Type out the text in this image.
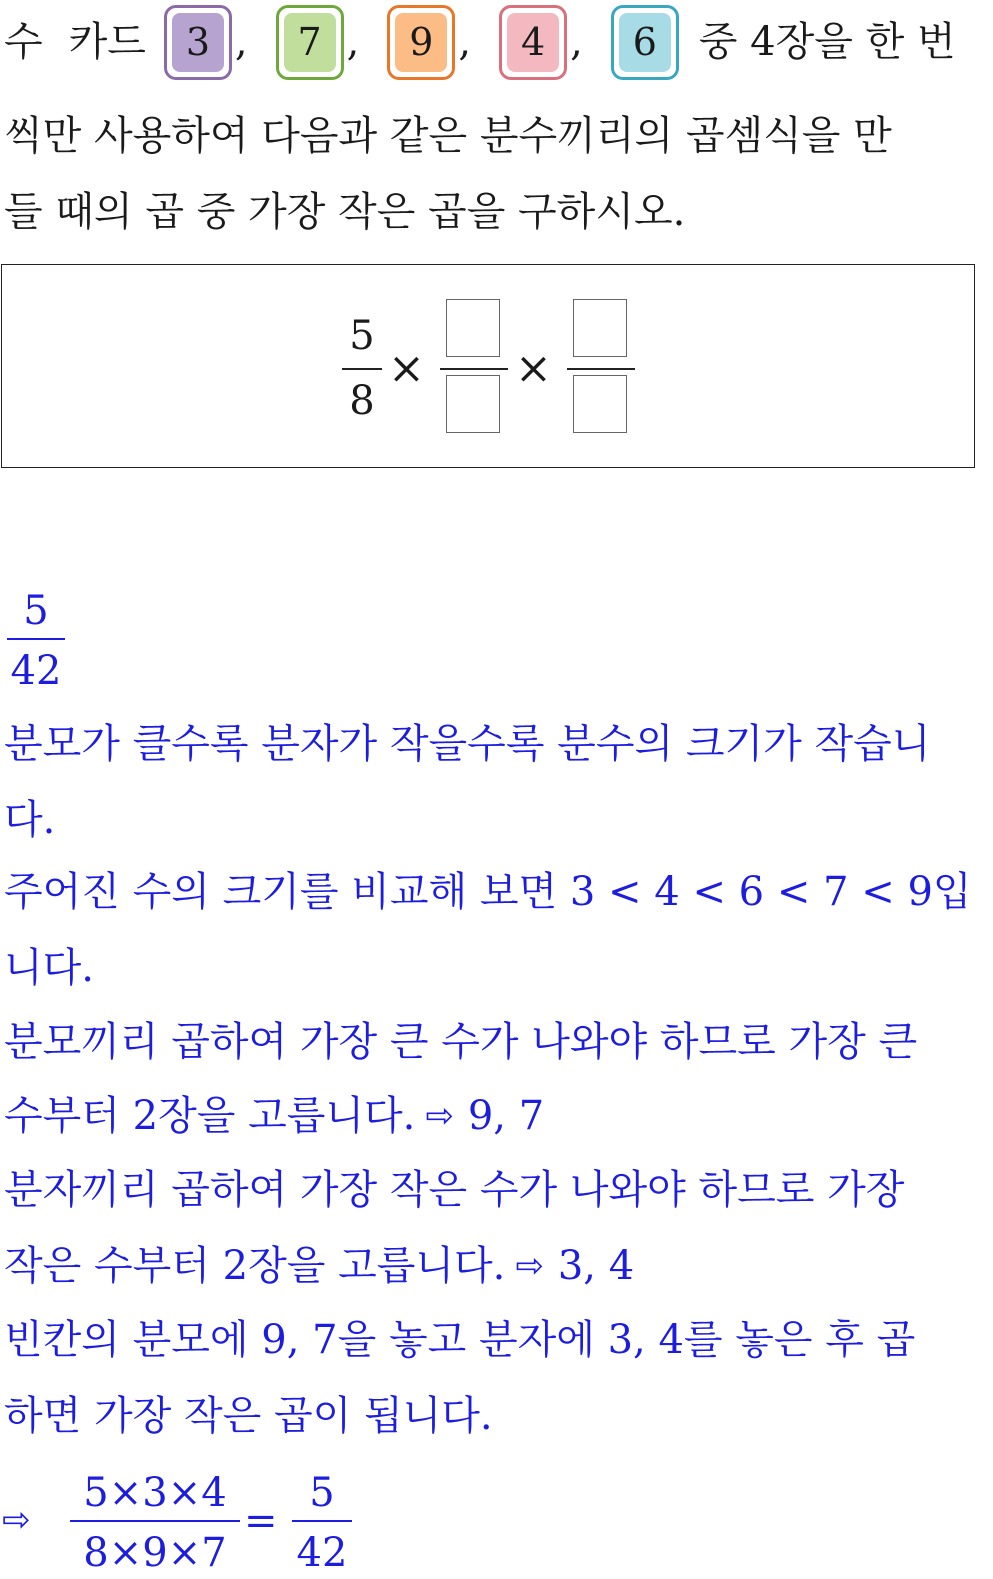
수 카드	3 ,	7 ,	9 ,	4 ,	6	중 4장을 한 번
씩만 사용하여 다음과 같은 분수끼리의 곱셈식을 만
들 때의 곱 중 가장 작은 곱을 구하시오.
5
8
× ×
5
42
분모가 클수록 분자가 작을수록 분수의 크기가 작습니
다.
주어진 수의 크기를 비교해 보면 3 < 4 < 6 < 7 < 9입
니다.
분모끼리 곱하여 가장 큰 수가 나와야 하므로 가장 큰
수부터 2장을 고릅니다. ⇨ 9, 7
분자끼리 곱하여 가장 작은 수가 나와야 하므로 가장
작은 수부터 2장을 고릅니다. ⇨ 3, 4
빈칸의 분모에 9, 7을 놓고 분자에 3, 4를 놓은 후 곱
하면 가장 작은 곱이 됩니다.
⇨
5×3×4
8×9×7
=
5
42
